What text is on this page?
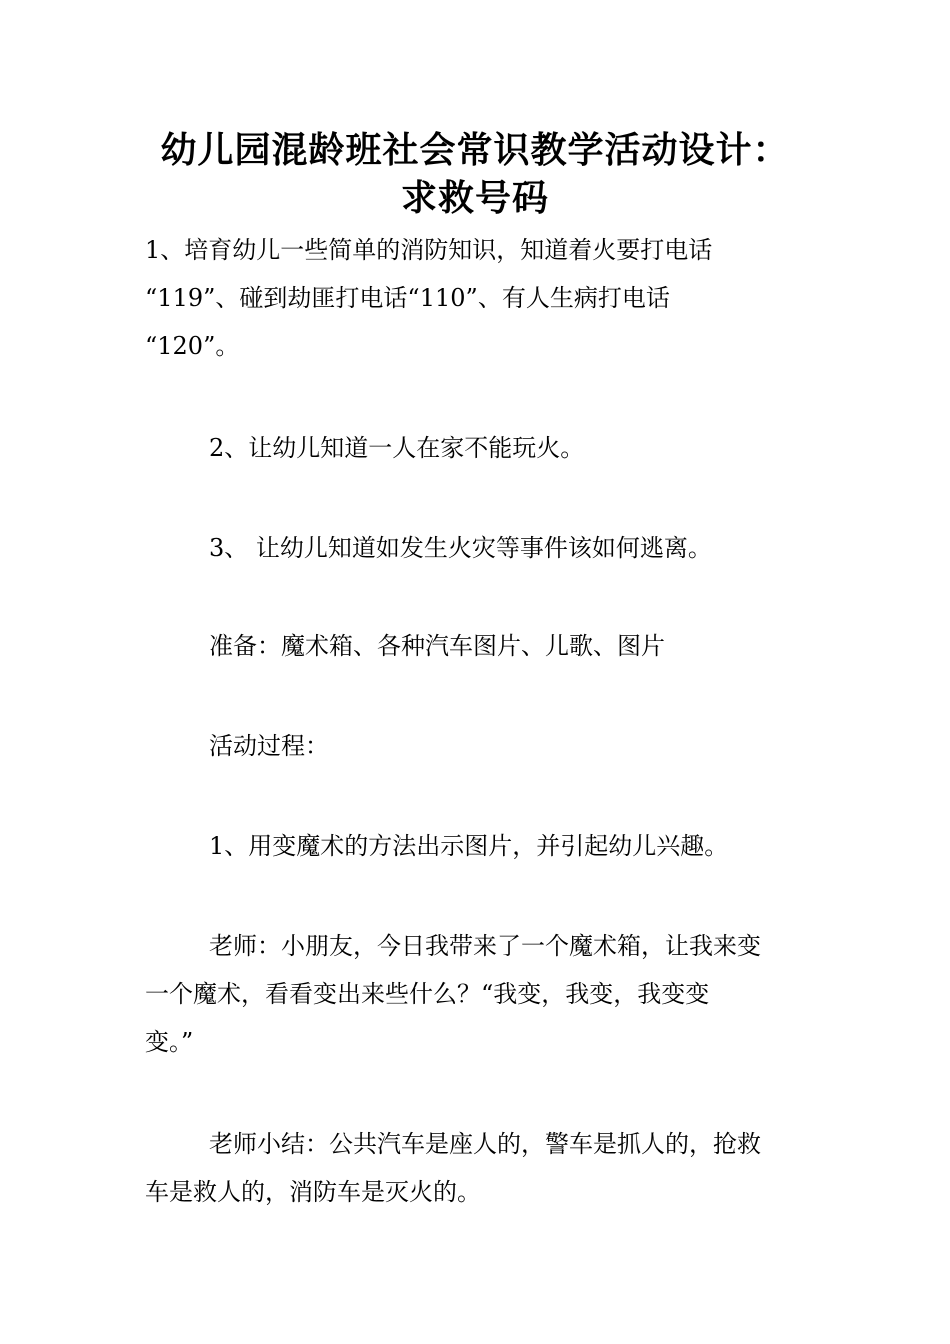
幼儿园混龄班社会常识教学活动设计：
求救号码
1、培育幼儿一些简单的消防知识，知道着火要打电话
“119”、碰到劫匪打电话“110”、有人生病打电话
“120”。
2、让幼儿知道一人在家不能玩火。
3、 让幼儿知道如发生火灾等事件该如何逃离。
准备：魔术箱、各种汽车图片、儿歌、图片
活动过程：
1、用变魔术的方法出示图片，并引起幼儿兴趣。
老师：小朋友，今日我带来了一个魔术箱，让我来变
一个魔术，看看变出来些什么？“我变，我变，我变变
变。”
老师小结：公共汽车是座人的，警车是抓人的，抢救
车是救人的，消防车是灭火的。
